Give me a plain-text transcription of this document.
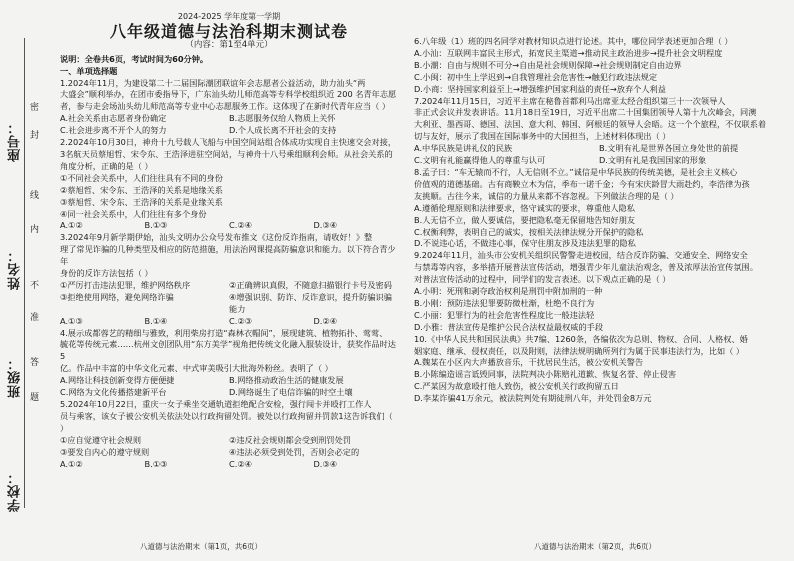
座号：
姓名：
班级：
学校：
密
封
线
内
不
准
答
题
2024-2025 学年度第一学期
八年级道德与法治科期末测试卷
（内容：第1至4单元）
说明：全卷共6页，考试时间为60分钟。
一、单项选择题

1.2024年11月，为建设第二十二届国际潮团联谊年会志愿者公益活动，助力汕头“两

大盛会”顺利举办，在团市委指导下，广东汕头幼儿师范高等专科学校组织近 200 名青年志愿

者，参与走会场汕头幼儿师范高等专业中心志愿服务工作。这体现了在新时代青年应当（ ）

A.社会关系由志愿者身份确定	B.志愿服务仅给人物质上关怀
C.社会进步离不开个人的努力	D.个人成长离不开社会的支持

2.2024年10月30日，神舟十九号载人飞船与中国空间站组合体成功实现自主快速交会对接，

3名航天员蔡旭哲、宋令东、王浩泽进驻空间站，与神舟十八号乘组顺利会师。从社会关系的

角度分析，正确的是（ ）

①不同社会关系中，人们往往具有不同的身份

②蔡旭哲、宋令东、王浩泽的关系是地缘关系

③蔡旭哲、宋令东、王浩泽的关系是业缘关系

④同一社会关系中，人们往往有多个身份

A.①②	B.①③	C.②④	D.③④

3.2024年9月新学期伊始，汕头文明办公众号发布推文《这份反诈指南，请收好！》整

理了常见诈骗的几种类型及相应的防范措施，用法治网课提高防骗意识和能力。以下符合青少年

身份的反诈方法包括（ ）

①严厉打击违法犯罪，维护网络秩序	②正确辨识真假，不随意扫描银行卡号及密码
③拒绝使用网络，避免网络诈骗	④增强识别、防诈、反诈意识，提升防骗识骗能力
A.①③	B.①④	C.②③	D.②④

4.展示成都蓉艺的精细与雅致，利用柴房打造“森林衣帽间”，展现建筑、植物拓扑、莺莺、

毓花等传统元素……杭州文创团队用“东方美学”视角把传统文化融入服装设计，获奖作品时达 5

亿。作品中丰富的中华文化元素、中式审美吸引大批海外粉丝。表明了（ ）

A.网络让科技创新变得方便便捷	B.网络推动政治生活的健康发展
C.网络为文化传播搭建新平台	D.网络诞生了电信诈骗的时空土壤

5.2024年10月22日，重庆一女子乘坐交通轨道拒绝配合安检，强行闯卡并殴打工作人

员与乘客，该女子被公安机关依法处以行政拘留处罚。被处以行政拘留并罚款1这告诉我们（ ）

①应自觉遵守社会规则	②违反社会规则都会受到刑罚处罚
③要发自内心的遵守规则	④违法必须受到处罚，否则会必定的
A.①②	B.①③	C.②④	D.③④
八道德与法治期末（第1页，共6页）

6.八年级（1）班的四名同学对教材知识点进行论述。其中，哪位同学表述更加合理（ ）

A.小汕：互联网丰富民主形式，拓宽民主渠道→推动民主政治进步→提升社会文明程度

B.小潮：自由与规则不可分→自由是社会规则保障→社会规则制定自由边界

C.小闽：初中生上学迟到→自我管理社会危害性→触犯行政违法规定

D.小商：坚持国家利益至上→增强维护国家利益的责任→放弃个人利益

7.2024年11月15日，习近平主席在秘鲁首都利马出席亚太经合组织第三十一次领导人

非正式会议并发表讲话。11月18日至19日，习近平出席二十国集团领导人第十九次峰会，同澳

大利亚、墨西哥、德国、法国、意大利、韩国、阿根廷的领导人会晤。这一个个旅程，不仅联系着

切与友好，展示了我国在国际事务中的大国担当，上述材料体现出（ ）

A.中华民族是讲礼仪的民族	B.文明有礼是世界各国立身处世的前提
C.文明有礼能赢得他人的尊重与认可	D.文明有礼是我国国家的形象

8.孟子曰：“车无辕而不行，人无信则不立。”诚信是中华民族的传统美德，是社会主义核心

价值观的道德基础。古有商鞅立木为信，季布一诺千金；今有宋庆龄冒大雨赴约，李浩律为孩

友挑顺。古往今来，诚信的力量从来都不容忽视。下列做法合理的是（ ）

A.遵循伦理原则和法律要求，恪守诚实的要求，尊重他人隐私

B.人无信不立，做人要诚信，要把隐私毫无保留地告知好朋友

C.权衡利弊，表明自己的诚实，按相关法律法规分开保护的隐私

D.不说违心话，不做违心事，保守住朋友涉及违法犯罪的隐私

9.2024年11月，汕头市公安机关组织民警警走进校园，结合反诈防骗、交通安全、网络安全

与禁毒等内容，多举措开展普法宣传活动，增强青少年儿童法治观念，普及浓厚法治宣传氛围。

对普法宣传活动的过程中，同学们的发言表述。以下观点正确的是（ ）

A.小明：死刑和剥夺政治权利是刑罚中附加刑的一种

B.小刚：预防违法犯罪要防微杜渐，杜绝不良行为

C.小丽：犯罪行为的社会危害性程度比一般违法轻

D.小雅：普法宣传是维护公民合法权益最权威的手段

10.《中华人民共和国民法典》共7编、1260条，各编依次为总则、物权、合同、人格权、婚

姻家庭、继承、侵权责任，以及附则，法律法规明确所列行为属于民事违法行为，比如（ ）

A.魏某在小区内大声播放音乐，干扰居民生活，被公安机关警告

B.小陈编造谣言诋毁同事，法院判决小陈赔礼道歉、恢复名誉、停止侵害

C.严某因为故意殴打他人致伤，被公安机关行政拘留五日

D.李某诈骗41万余元，被法院判处有期徒刑八年，并处罚金8万元

八道德与法治期末（第2页，共6页）
